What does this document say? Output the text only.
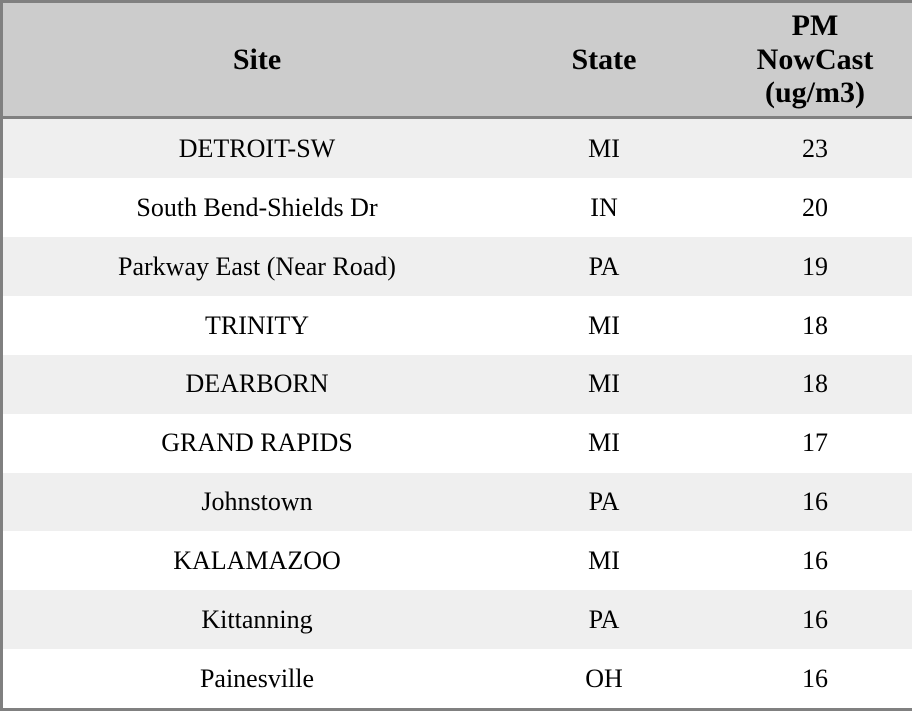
Site	State	PM
NowCast
(ug/m3)

DETROIT-SW	MI	23
South Bend-Shields Dr	IN	20
Parkway East (Near Road)	PA	19
TRINITY	MI	18
DEARBORN	MI	18
GRAND RAPIDS	MI	17
Johnstown	PA	16
KALAMAZOO	MI	16
Kittanning	PA	16
Painesville	OH	16
